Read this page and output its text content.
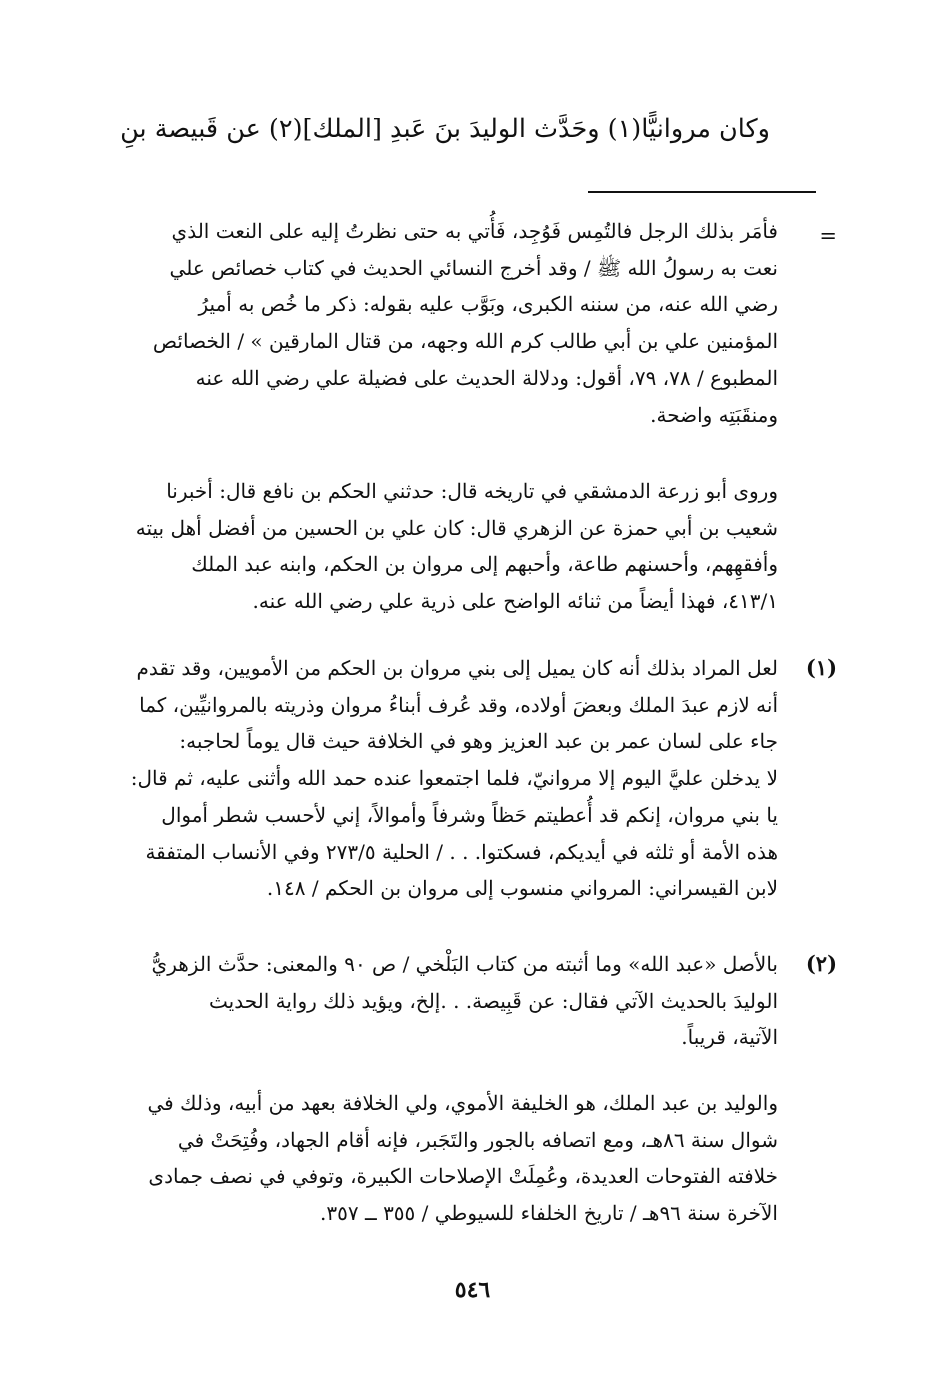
وكان مروانيًّا(١) وحَدَّث الوليدَ بنَ عَبدِ [الملك](٢) عن قَبيصة بنِ
=
فأمَر بذلك الرجل فالتُمِس فَوُجِد، فَأُتي به حتى نظرتُ إليه على النعت الذي
نعت به رسولُ الله ﷺ / وقد أخرج النسائي الحديث في كتاب خصائص علي
رضي الله عنه، من سننه الكبرى، وبَوَّب عليه بقوله: ذكر ما خُص به أميرُ
المؤمنين علي بن أبي طالب كرم الله وجهه، من قتال المارقين » / الخصائص
المطبوع / ٧٨، ٧٩، أقول: ودلالة الحديث على فضيلة علي رضي الله عنه
ومنقَبَتِه واضحة.
وروى أبو زرعة الدمشقي في تاريخه قال: حدثني الحكم بن نافع قال: أخبرنا
شعيب بن أبي حمزة عن الزهري قال: كان علي بن الحسين من أفضل أهل بيته
وأفقهِهم، وأحسنهم طاعة، وأحبهم إلى مروان بن الحكم، وابنه عبد الملك
٤١٣/١، فهذا أيضاً من ثنائه الواضح على ذرية علي رضي الله عنه.
(١)
لعل المراد بذلك أنه كان يميل إلى بني مروان بن الحكم من الأمويين، وقد تقدم
أنه لازم عبدَ الملك وبعضَ أولاده، وقد عُرف أبناءُ مروان وذريته بالمروانيِّين، كما
جاء على لسان عمر بن عبد العزيز وهو في الخلافة حيث قال يوماً لحاجبه:
لا يدخلن عليَّ اليوم إلا مروانيّ، فلما اجتمعوا عنده حمد الله وأثنى عليه، ثم قال:
يا بني مروان، إنكم قد أُعطيتم حَظاً وشرفاً وأموالاً، إني لأحسب شطر أموال
هذه الأمة أو ثلثه في أيديكم، فسكتوا. . . / الحلية ٢٧٣/٥ وفي الأنساب المتفقة
لابن القيسراني: المرواني منسوب إلى مروان بن الحكم / ١٤٨.
(٢)
بالأصل «عبد الله» وما أثبته من كتاب البَلْخي / ص ٩٠ والمعنى: حدَّث الزهريُّ
الوليدَ بالحديث الآتي فقال: عن قَبِيصة. . .إلخ، ويؤيد ذلك رواية الحديث
الآتية، قريباً.
والوليد بن عبد الملك، هو الخليفة الأموي، ولي الخلافة بعهد من أبيه، وذلك في
شوال سنة ٨٦هـ، ومع اتصافه بالجور والتَجَبر، فإنه أقام الجهاد، وفُتِحَتْ في
خلافته الفتوحات العديدة، وعُمِلَتْ الإصلاحات الكبيرة، وتوفي في نصف جمادى
الآخرة سنة ٩٦هـ / تاريخ الخلفاء للسيوطي / ٣٥٥ ــ ٣٥٧.
٥٤٦
